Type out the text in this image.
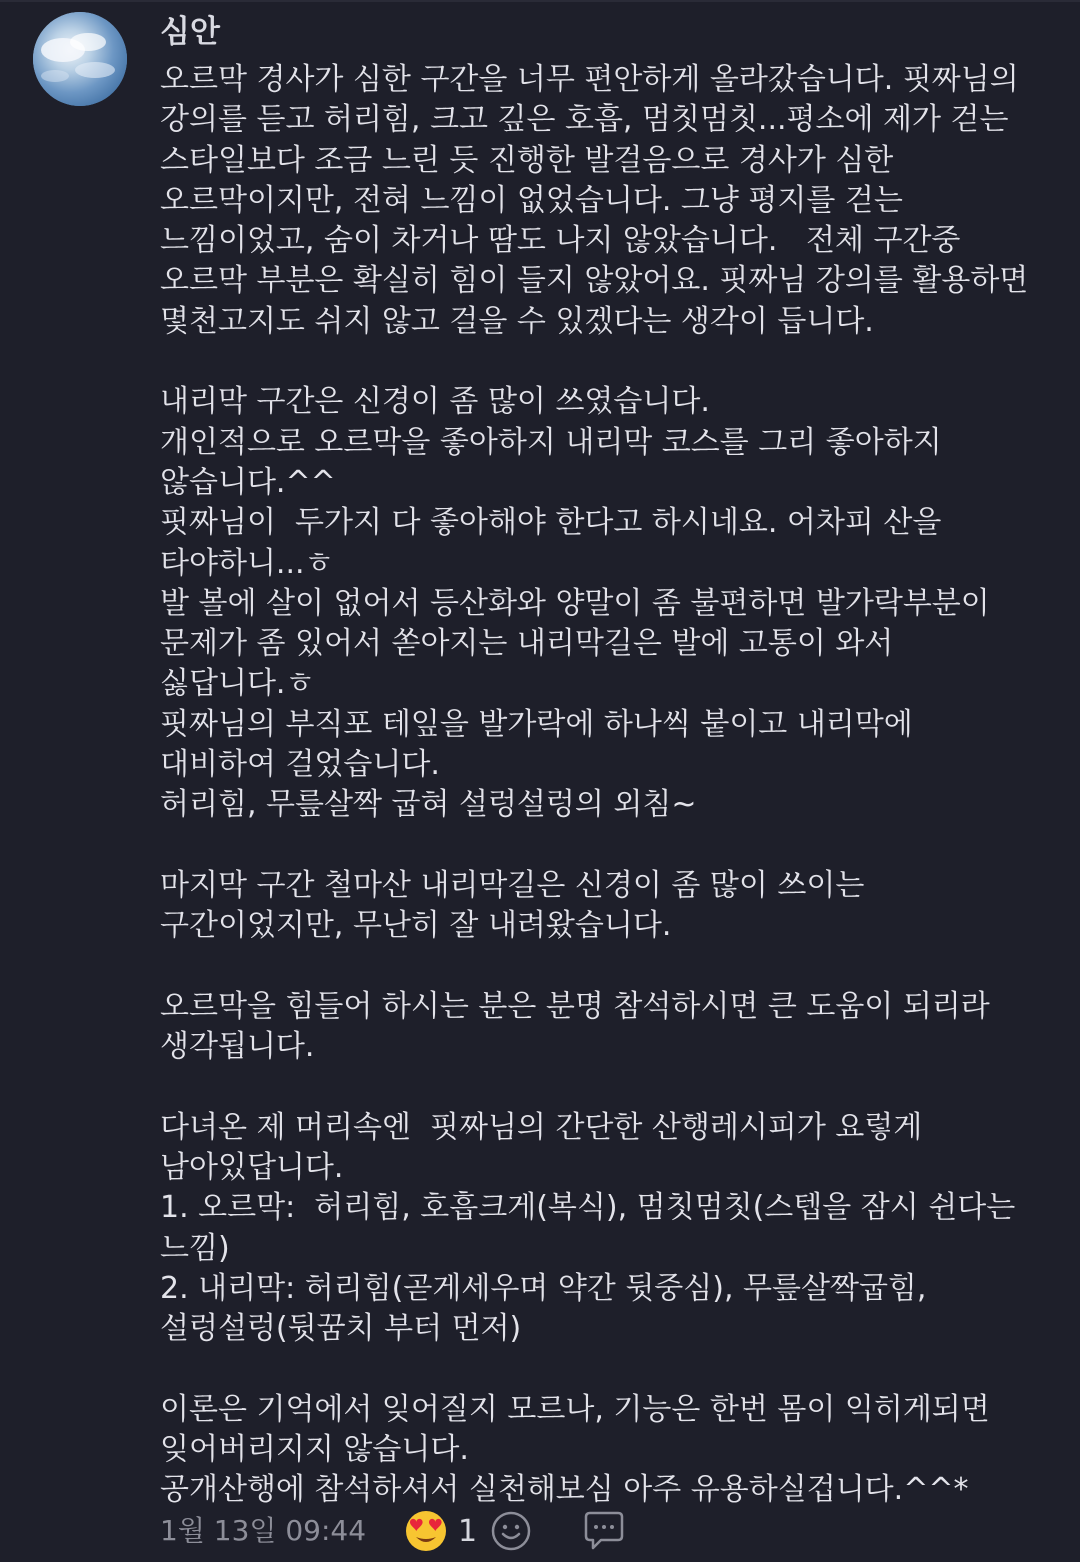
심안
오르막 경사가 심한 구간을 너무 편안하게 올라갔습니다. 핏짜님의
강의를 듣고 허리힘, 크고 깊은 호흡, 멈칫멈칫...평소에 제가 걷는
스타일보다 조금 느린 듯 진행한 발걸음으로 경사가 심한
오르막이지만, 전혀 느낌이 없었습니다. 그냥 평지를 걷는
느낌이었고, 숨이 차거나 땀도 나지 않았습니다.   전체 구간중
오르막 부분은 확실히 힘이 들지 않았어요. 핏짜님 강의를 활용하면
몇천고지도 쉬지 않고 걸을 수 있겠다는 생각이 듭니다.
내리막 구간은 신경이 좀 많이 쓰였습니다.
개인적으로 오르막을 좋아하지 내리막 코스를 그리 좋아하지
않습니다.^^
핏짜님이  두가지 다 좋아해야 한다고 하시네요. 어차피 산을
타야하니...ㅎ
발 볼에 살이 없어서 등산화와 양말이 좀 불편하면 발가락부분이
문제가 좀 있어서 쏟아지는 내리막길은 발에 고통이 와서
싫답니다.ㅎ
핏짜님의 부직포 테잎을 발가락에 하나씩 붙이고 내리막에
대비하여 걸었습니다.
허리힘, 무릎살짝 굽혀 설렁설렁의 외침~
마지막 구간 철마산 내리막길은 신경이 좀 많이 쓰이는
구간이었지만, 무난히 잘 내려왔습니다.
오르막을 힘들어 하시는 분은 분명 참석하시면 큰 도움이 되리라
생각됩니다.
다녀온 제 머리속엔  핏짜님의 간단한 산행레시피가 요렇게
남아있답니다.
1. 오르막:  허리힘, 호흡크게(복식), 멈칫멈칫(스텝을 잠시 쉰다는
느낌)
2. 내리막: 허리힘(곧게세우며 약간 뒷중심), 무릎살짝굽힘,
설렁설렁(뒷꿈치 부터 먼저)
이론은 기억에서 잊어질지 모르나, 기능은 한번 몸이 익히게되면
잊어버리지지 않습니다.
공개산행에 참석하셔서 실천해보심 아주 유용하실겁니다.^^*
1월 13일 09:44	1
